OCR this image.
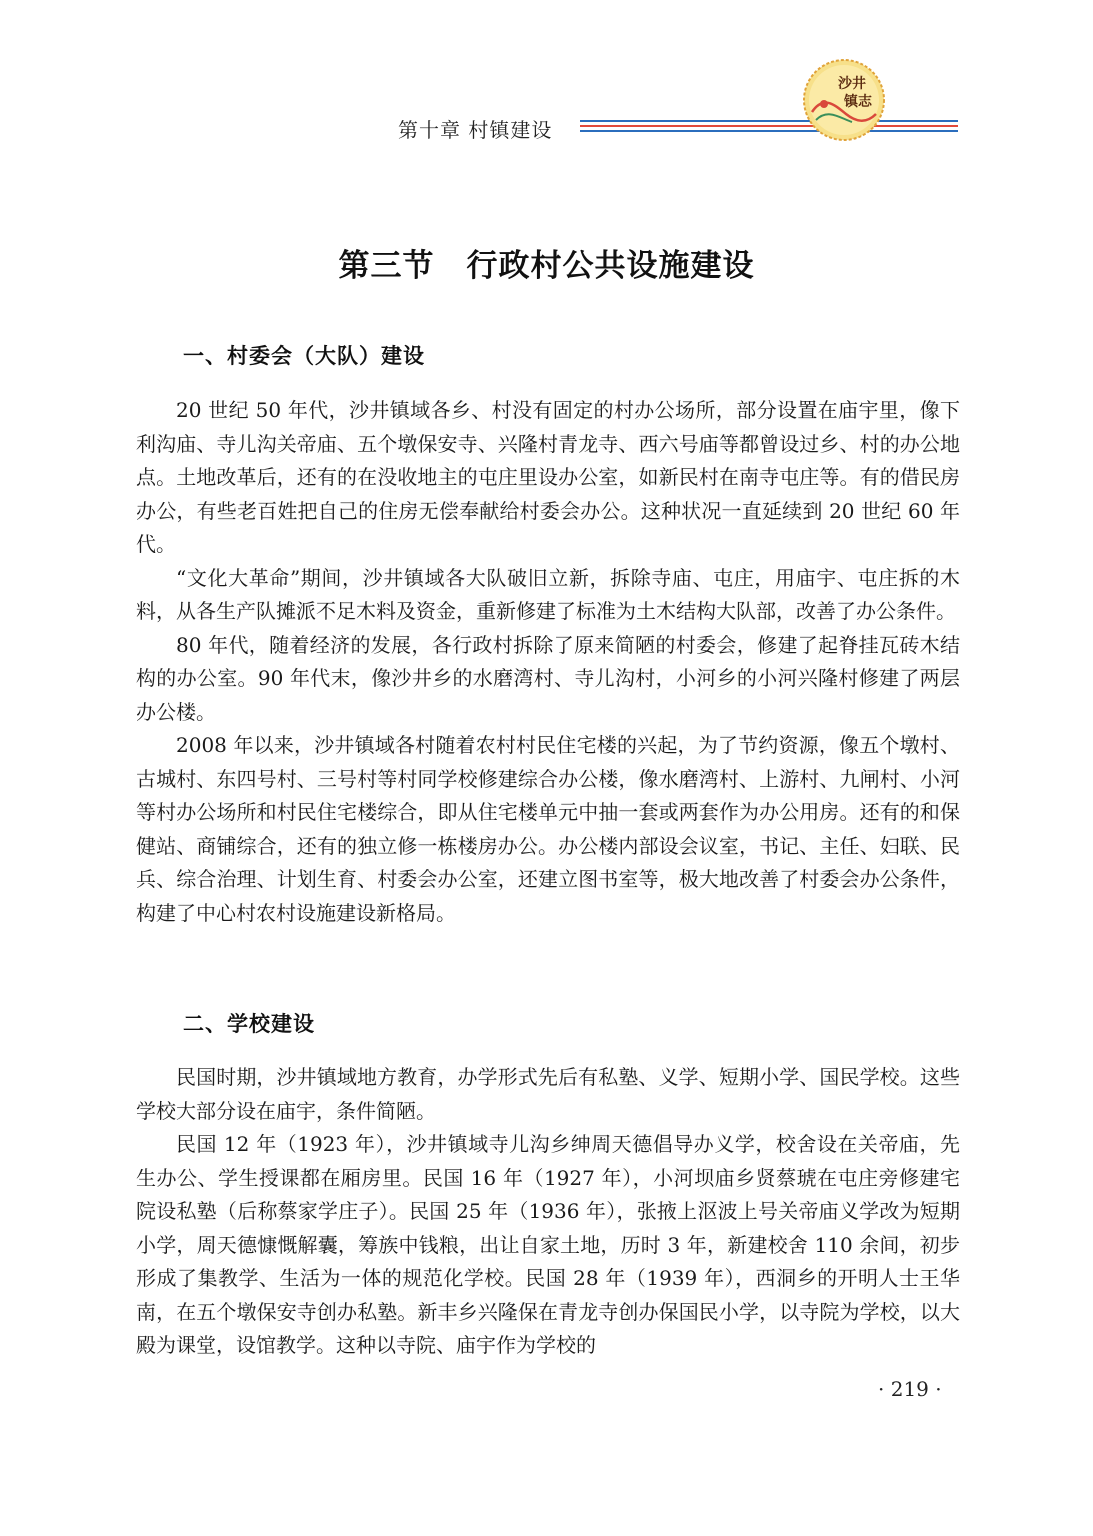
第十章 村镇建设
沙井
镇志
第三节　行政村公共设施建设
一、村委会（大队）建设

20 世纪 50 年代，沙井镇域各乡、村没有固定的村办公场所，部分设置在庙宇里，像下利沟庙、寺儿沟关帝庙、五个墩保安寺、兴隆村青龙寺、西六号庙等都曾设过乡、村的办公地点。土地改革后，还有的在没收地主的屯庄里设办公室，如新民村在南寺屯庄等。有的借民房办公，有些老百姓把自己的住房无偿奉献给村委会办公。这种状况一直延续到 20 世纪 60 年代。

“文化大革命”期间，沙井镇域各大队破旧立新，拆除寺庙、屯庄，用庙宇、屯庄拆的木料，从各生产队摊派不足木料及资金，重新修建了标准为土木结构大队部，改善了办公条件。

80 年代，随着经济的发展，各行政村拆除了原来简陋的村委会，修建了起脊挂瓦砖木结构的办公室。90 年代末，像沙井乡的水磨湾村、寺儿沟村，小河乡的小河兴隆村修建了两层办公楼。

2008 年以来，沙井镇域各村随着农村村民住宅楼的兴起，为了节约资源，像五个墩村、古城村、东四号村、三号村等村同学校修建综合办公楼，像水磨湾村、上游村、九闸村、小河等村办公场所和村民住宅楼综合，即从住宅楼单元中抽一套或两套作为办公用房。还有的和保健站、商铺综合，还有的独立修一栋楼房办公。办公楼内部设会议室，书记、主任、妇联、民兵、综合治理、计划生育、村委会办公室，还建立图书室等，极大地改善了村委会办公条件，构建了中心村农村设施建设新格局。

二、学校建设

民国时期，沙井镇域地方教育，办学形式先后有私塾、义学、短期小学、国民学校。这些学校大部分设在庙宇，条件简陋。

民国 12 年（1923 年），沙井镇域寺儿沟乡绅周天德倡导办义学，校舍设在关帝庙，先生办公、学生授课都在厢房里。民国 16 年（1927 年），小河坝庙乡贤蔡琥在屯庄旁修建宅院设私塾（后称蔡家学庄子）。民国 25 年（1936 年），张掖上沤波上号关帝庙义学改为短期小学，周天德慷慨解囊，筹族中钱粮，出让自家土地，历时 3 年，新建校舍 110 余间，初步形成了集教学、生活为一体的规范化学校。民国 28 年（1939 年），西洞乡的开明人士王华南，在五个墩保安寺创办私塾。新丰乡兴隆保在青龙寺创办保国民小学，以寺院为学校，以大殿为课堂，设馆教学。这种以寺院、庙宇作为学校的

· 219 ·
